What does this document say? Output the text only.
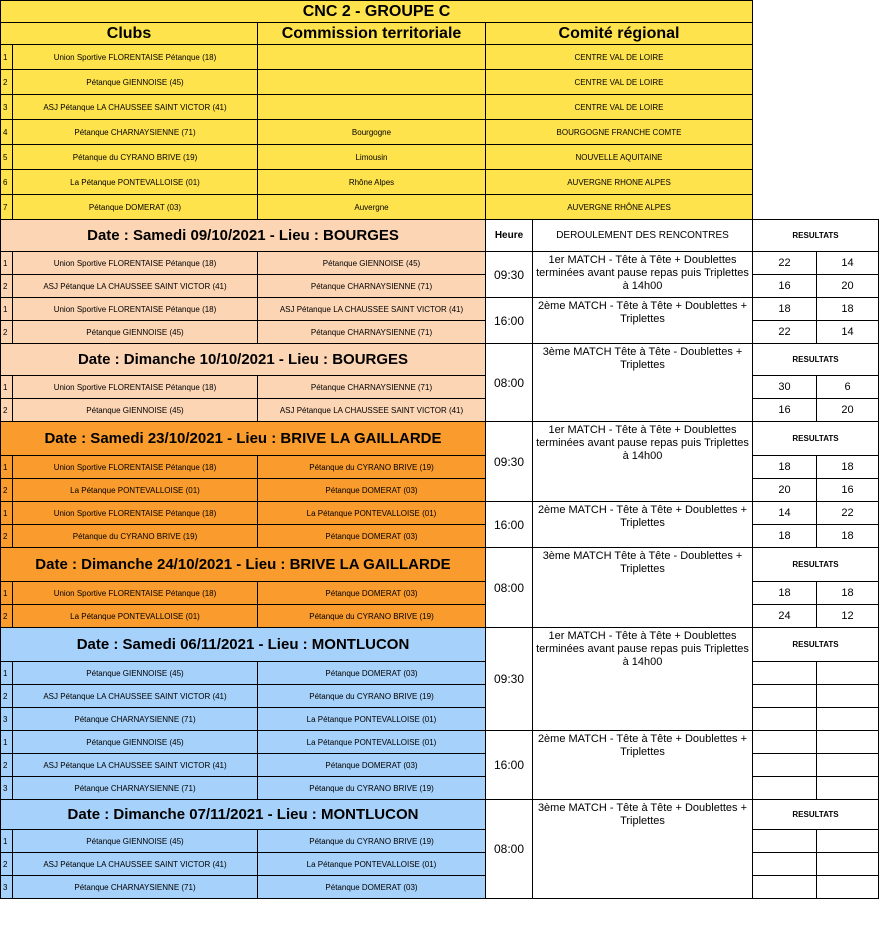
CNC 2 - GROUPE C						
Clubs		Commission territoriale	Comité régional			
1	Union Sportive FLORENTAISE Pétanque (18)		CENTRE VAL DE LOIRE			
2	Pétanque GIENNOISE (45)		CENTRE VAL DE LOIRE			
3	ASJ Pétanque LA CHAUSSEE SAINT VICTOR (41)		CENTRE VAL DE LOIRE			
4	Pétanque CHARNAYSIENNE (71)	Bourgogne	BOURGOGNE FRANCHE COMTE			
5	Pétanque du CYRANO BRIVE (19)	Limousin	NOUVELLE AQUITAINE			
6	La Pétanque PONTEVALLOISE (01)	Rhône Alpes	AUVERGNE RHONE ALPES			
7	Pétanque DOMERAT (03)	Auvergne	AUVERGNE RHÔNE ALPES			
Date : Samedi 09/10/2021 - Lieu : BOURGES			Heure	DEROULEMENT DES RENCONTRES	RESULTATS	
1	Union Sportive FLORENTAISE Pétanque (18)	Pétanque GIENNOISE (45)	09:30	1er MATCH - Tête à Tête + Doublettes terminées avant pause repas puis Triplettes à 14h00	22	14
2	ASJ Pétanque LA CHAUSSEE SAINT VICTOR (41)	Pétanque CHARNAYSIENNE (71)			16	20
1	Union Sportive FLORENTAISE Pétanque (18)	ASJ Pétanque LA CHAUSSEE SAINT VICTOR (41)	16:00	2ème MATCH - Tête à Tête + Doublettes + Triplettes	18	18
2	Pétanque GIENNOISE (45)	Pétanque CHARNAYSIENNE (71)			22	14
Date : Dimanche 10/10/2021 - Lieu : BOURGES			08:00	3ème MATCH Tête à Tête - Doublettes + Triplettes	RESULTATS	
1	Union Sportive FLORENTAISE Pétanque (18)	Pétanque CHARNAYSIENNE (71)			30	6
2	Pétanque GIENNOISE (45)	ASJ Pétanque LA CHAUSSEE SAINT VICTOR (41)			16	20
Date : Samedi 23/10/2021 - Lieu : BRIVE LA GAILLARDE			09:30	1er MATCH - Tête à Tête + Doublettes terminées avant pause repas puis Triplettes à 14h00	RESULTATS	
1	Union Sportive FLORENTAISE Pétanque (18)	Pétanque du CYRANO BRIVE (19)			18	18
2	La Pétanque PONTEVALLOISE (01)	Pétanque DOMERAT (03)			20	16
1	Union Sportive FLORENTAISE Pétanque (18)	La Pétanque PONTEVALLOISE (01)	16:00	2ème MATCH - Tête à Tête + Doublettes + Triplettes	14	22
2	Pétanque du CYRANO BRIVE (19)	Pétanque DOMERAT (03)			18	18
Date : Dimanche 24/10/2021 - Lieu : BRIVE LA GAILLARDE			08:00	3ème MATCH Tête à Tête - Doublettes + Triplettes	RESULTATS	
1	Union Sportive FLORENTAISE Pétanque (18)	Pétanque DOMERAT (03)			18	18
2	La Pétanque PONTEVALLOISE (01)	Pétanque du CYRANO BRIVE (19)			24	12
Date : Samedi 06/11/2021 - Lieu : MONTLUCON			09:30	1er MATCH - Tête à Tête + Doublettes terminées avant pause repas puis Triplettes à 14h00	RESULTATS	
1	Pétanque GIENNOISE (45)	Pétanque DOMERAT (03)				
2	ASJ Pétanque LA CHAUSSEE SAINT VICTOR (41)	Pétanque du CYRANO BRIVE (19)				
3	Pétanque CHARNAYSIENNE (71)	La Pétanque PONTEVALLOISE (01)				
1	Pétanque GIENNOISE (45)	La Pétanque PONTEVALLOISE (01)	16:00	2ème MATCH - Tête à Tête + Doublettes + Triplettes		
2	ASJ Pétanque LA CHAUSSEE SAINT VICTOR (41)	Pétanque DOMERAT (03)				
3	Pétanque CHARNAYSIENNE (71)	Pétanque du CYRANO BRIVE (19)				
Date : Dimanche 07/11/2021 - Lieu : MONTLUCON			08:00	3ème MATCH - Tête à Tête + Doublettes + Triplettes	RESULTATS	
1	Pétanque GIENNOISE (45)	Pétanque du CYRANO BRIVE (19)				
2	ASJ Pétanque LA CHAUSSEE SAINT VICTOR (41)	La Pétanque PONTEVALLOISE (01)				
3	Pétanque CHARNAYSIENNE (71)	Pétanque DOMERAT (03)				
